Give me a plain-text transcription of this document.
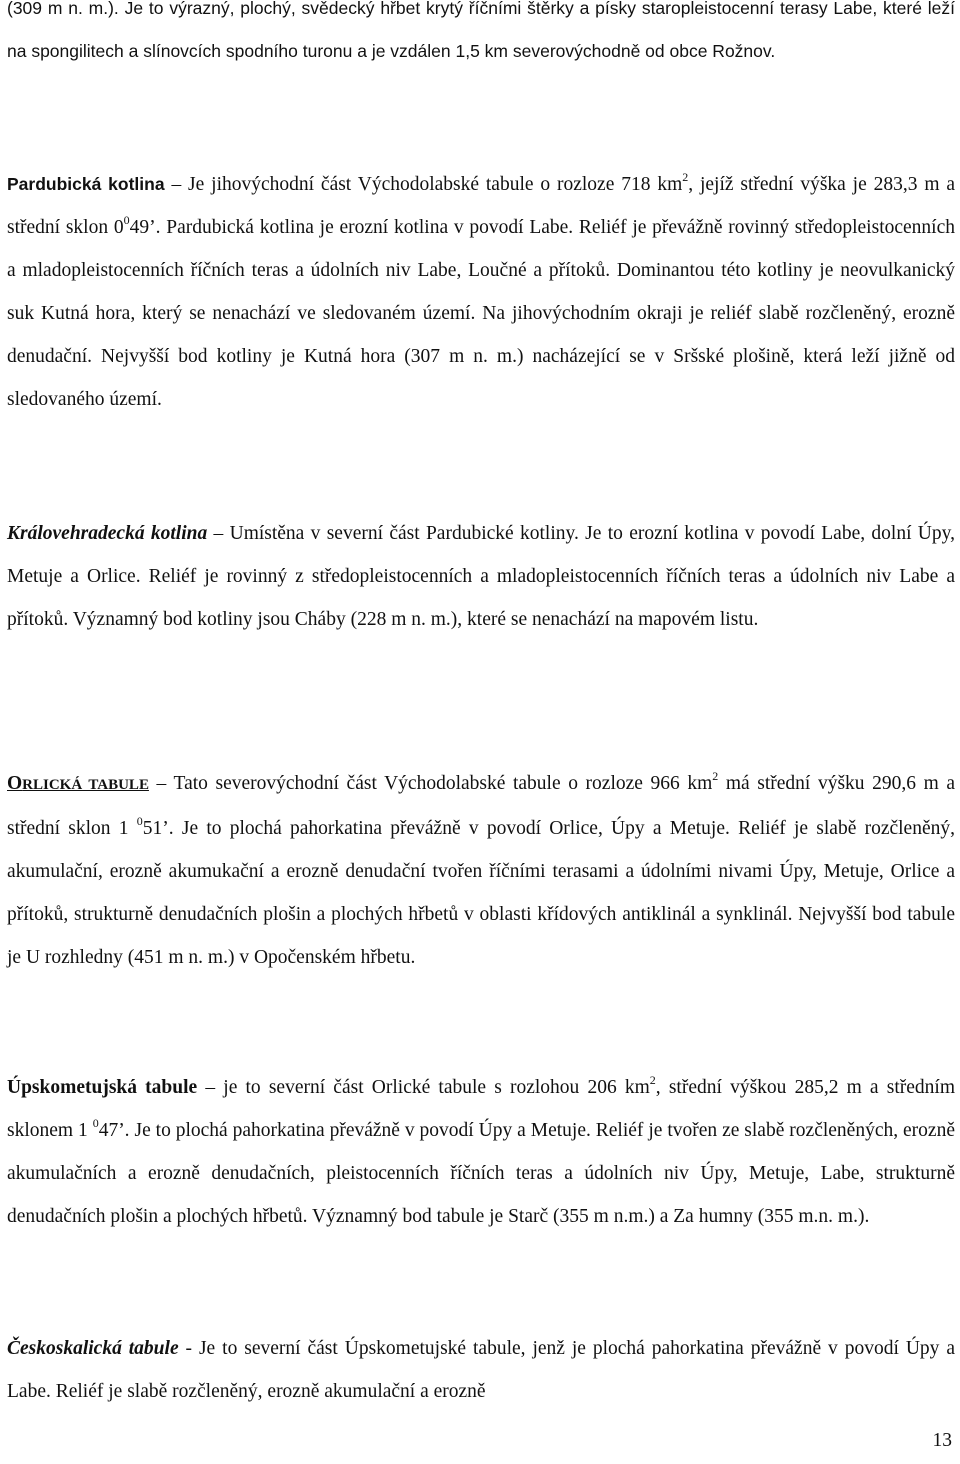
(309 m n. m.). Je to výrazný, plochý, svědecký hřbet krytý říčními štěrky a písky staropleistocenní terasy Labe, které leží na spongilitech a slínovcích spodního turonu a je vzdálen 1,5 km severovýchodně od obce Rožnov.

Pardubická kotlina – Je jihovýchodní část Východolabské tabule o rozloze 718 $km^2$, jejíž střední výška je 283,3 m a střední sklon $0^049$’. Pardubická kotlina je erozní kotlina v povodí Labe. Reliéf je převážně rovinný středopleistocenních a mladopleistocenních říčních teras a údolních niv Labe, Loučné a přítoků. Dominantou této kotliny je neovulkanický suk Kutná hora, který se nenachází ve sledovaném území. Na jihovýchodním okraji je reliéf slabě rozčleněný, erozně denudační. Nejvyšší bod kotliny je Kutná hora (307 m n. m.) nacházející se v Sršské plošině, která leží jižně od sledovaného území.

Královehradecká kotlina – Umístěna v severní část Pardubické kotliny. Je to erozní kotlina v povodí Labe, dolní Úpy, Metuje a Orlice. Reliéf je rovinný z středopleistocenních a mladopleistocenních říčních teras a údolních niv Labe a přítoků. Významný bod kotliny jsou Cháby (228 m n. m.), které se nenachází na mapovém listu.

ORLICKÁ TABULE – Tato severovýchodní část Východolabské tabule o rozloze 966 $km^2$ má střední výšku 290,6 m a střední sklon 1 $^0$51’. Je to plochá pahorkatina převážně v povodí Orlice, Úpy a Metuje. Reliéf je slabě rozčleněný, akumulační, erozně akumukační a erozně denudační tvořen říčními terasami a údolními nivami Úpy, Metuje, Orlice a přítoků, strukturně denudačních plošin a plochých hřbetů v oblasti křídových antiklinál a synklinál. Nejvyšší bod tabule je U rozhledny (451 m n. m.) v Opočenském hřbetu.

Úpskometujská tabule – je to severní část Orlické tabule s rozlohou 206 $km^2$, střední výškou 285,2 m a středním sklonem 1 $^0$47’. Je to plochá pahorkatina převážně v povodí Úpy a Metuje. Reliéf je tvořen ze slabě rozčleněných, erozně akumulačních a erozně denudačních, pleistocenních říčních teras a údolních niv Úpy, Metuje, Labe, strukturně denudačních plošin a plochých hřbetů. Významný bod tabule je Starč (355 m n.m.) a Za humny (355 m.n. m.).

Českoskalická tabule - Je to severní část Úpskometujské tabule, jenž je plochá pahorkatina převážně v povodí Úpy a Labe. Reliéf je slabě rozčleněný, erozně akumulační a erozně

13
